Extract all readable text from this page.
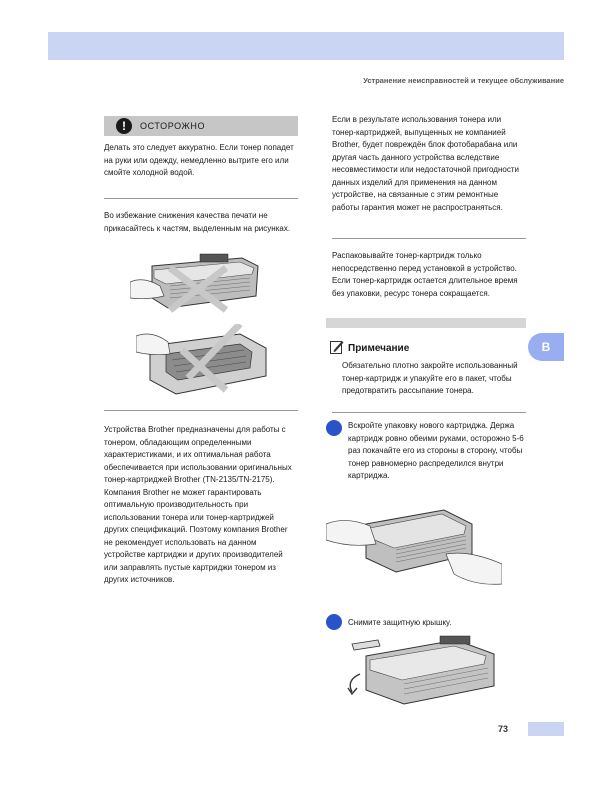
Устранение неисправностей и текущее обслуживание
!	ОСТОРОЖНО
Делать это следует аккуратно. Если тонер попадет на руки или одежду, немедленно вытрите его или смойте холодной водой.
Во избежание снижения качества печати не прикасайтесь к частям, выделенным на рисунках.
Устройства Brother предназначены для работы с тонером, обладающим определенными характеристиками, и их оптимальная работа обеспечивается при использовании оригинальных тонер-картриджей Brother (TN-2135/TN-2175). Компания Brother не может гарантировать оптимальную производительность при использовании тонера или тонер-картриджей других спецификаций. Поэтому компания Brother не рекомендует использовать на данном устройстве картриджи и других производителей или заправлять пустые картриджи тонером из других источников.
Если в результате использования тонера или тонер-картриджей, выпущенных не компанией Brother, будет повреждён блок фотобарабана или другая часть данного устройства вследствие несовместимости или недостаточной пригодности данных изделий для применения на данном устройстве, на связанные с этим ремонтные работы гарантия может не распространяться.
Распаковывайте тонер-картридж только непосредственно перед установкой в устройство. Если тонер-картридж остается длительное время без упаковки, ресурс тонера сокращается.
Примечание
Обязательно плотно закройте использованный тонер-картридж и упакуйте его в пакет, чтобы предотвратить рассыпание тонера.
Вскройте упаковку нового картриджа. Держа картридж ровно обеими руками, осторожно 5-6 раз покачайте его из стороны в сторону, чтобы тонер равномерно распределился внутри картриджа.
Снимите защитную крышку.
B
73
